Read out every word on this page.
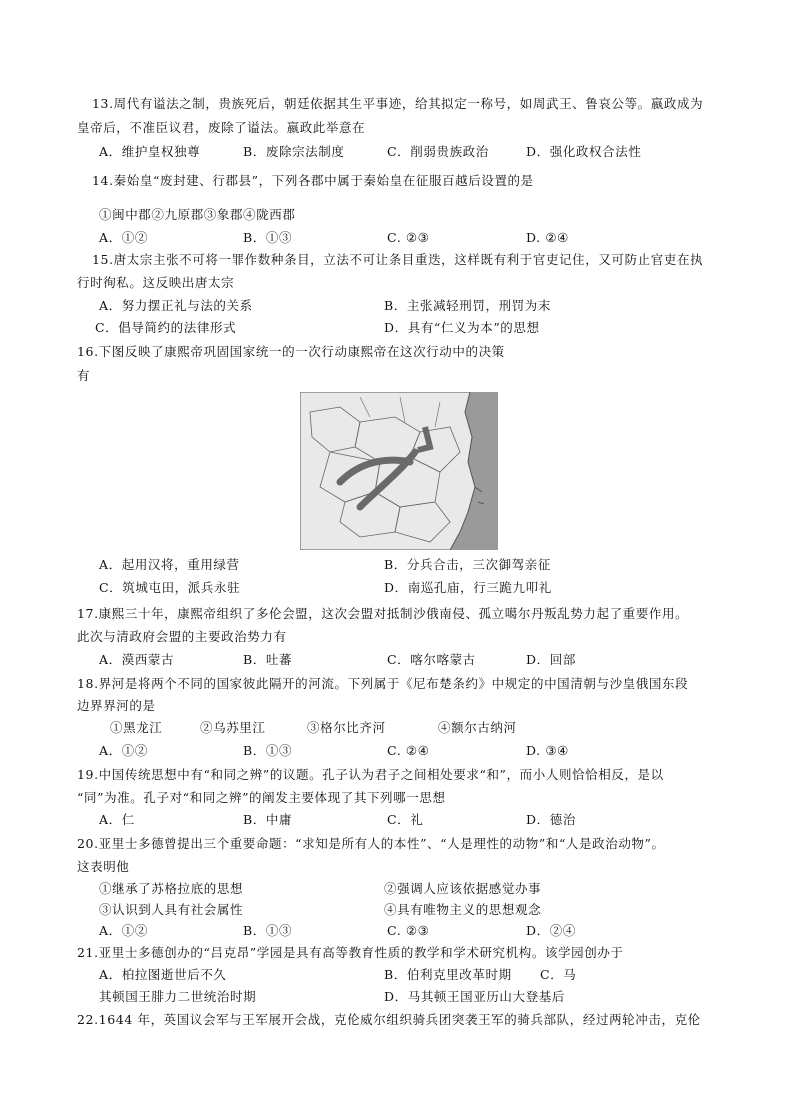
13.周代有谥法之制，贵族死后，朝廷依据其生平事迹，给其拟定一称号，如周武王、鲁哀公等。嬴政成为
皇帝后，不准臣议君，废除了谥法。嬴政此举意在
A．维护皇权独尊	B．废除宗法制度	C．削弱贵族政治	D．强化政权合法性
14.秦始皇“废封建、行郡县”，下列各郡中属于秦始皇在征服百越后设置的是
①闽中郡②九原郡③象郡④陇西郡
A．①②	B．①③	C. ②③	D. ②④
15.唐太宗主张不可将一罪作数种条目，立法不可让条目重迭，这样既有利于官吏记住，又可防止官吏在执
行时徇私。这反映出唐太宗
A．努力摆正礼与法的关系	B．主张减轻刑罚，刑罚为末
C．倡导简约的法律形式	D．具有“仁义为本”的思想
16.下图反映了康熙帝巩固国家统一的一次行动康熙帝在这次行动中的决策
有
A．起用汉将，重用绿营	B．分兵合击，三次御驾亲征
C．筑城屯田，派兵永驻	D．南巡孔庙，行三跪九叩礼
17.康熙三十年，康熙帝组织了多伦会盟，这次会盟对抵制沙俄南侵、孤立噶尔丹叛乱势力起了重要作用。
此次与清政府会盟的主要政治势力有
A．漠西蒙古	B．吐蕃	C．喀尔喀蒙古	D．回部
18.界河是将两个不同的国家彼此隔开的河流。下列属于《尼布楚条约》中规定的中国清朝与沙皇俄国东段
边界界河的是
①黑龙江	②乌苏里江	③格尔比齐河	④额尔古纳河
A．①②	B．①③	C. ②④	D. ③④
19.中国传统思想中有“和同之辨”的议题。孔子认为君子之间相处要求“和”，而小人则恰恰相反，是以
“同”为准。孔子对“和同之辨”的阐发主要体现了其下列哪一思想
A．仁	B．中庸	C．礼	D．德治
20.亚里士多德曾提出三个重要命题：“求知是所有人的本性”、“人是理性的动物”和“人是政治动物”。
这表明他
①继承了苏格拉底的思想	②强调人应该依据感觉办事
③认识到人具有社会属性	④具有唯物主义的思想观念
A．①②	B．①③	C. ②③	D．②④
21.亚里士多德创办的“吕克昂”学园是具有高等教育性质的教学和学术研究机构。该学园创办于
A．柏拉图逝世后不久	B．伯利克里改革时期 C．马
其顿国王腓力二世统治时期	D．马其顿王国亚历山大登基后
22.1644 年，英国议会军与王军展开会战，克伦威尔组织骑兵团突袭王军的骑兵部队，经过两轮冲击，克伦
